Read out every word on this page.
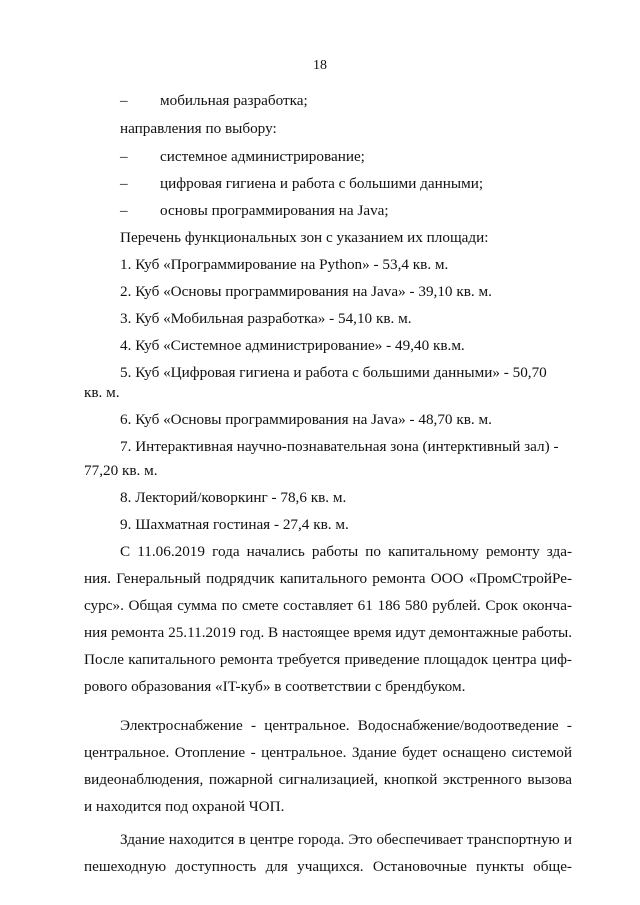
18
– мобильная разработка;
направления по выбору:
– системное администрирование;
– цифровая гигиена и работа с большими данными;
– основы программирования на Java;
Перечень функциональных зон с указанием их площади:
1. Куб «Программирование на Python» - 53,4 кв. м.
2. Куб «Основы программирования на Java» - 39,10 кв. м.
3. Куб «Мобильная разработка» - 54,10 кв. м.
4. Куб «Системное администрирование» - 49,40 кв.м.
5. Куб «Цифровая гигиена и работа с большими данными» - 50,70
кв. м.
6. Куб «Основы программирования на Java» - 48,70 кв. м.
7. Интерактивная научно-познавательная зона (интерктивный зал) -
77,20 кв. м.
8. Лекторий/коворкинг - 78,6 кв. м.
9. Шахматная гостиная - 27,4 кв. м.
С 11.06.2019 года начались работы по капитальному ремонту зда-
ния. Генеральный подрядчик капитального ремонта ООО «ПромСтройРе-
сурс». Общая сумма по смете составляет 61 186 580 рублей. Срок оконча-
ния ремонта 25.11.2019 год. В настоящее время идут демонтажные работы.
После капитального ремонта требуется приведение площадок центра циф-
рового образования «IT-куб» в соответствии с брендбуком.
Электроснабжение - центральное. Водоснабжение/водоотведение -
центральное. Отопление - центральное. Здание будет оснащено системой
видеонаблюдения, пожарной сигнализацией, кнопкой экстренного вызова
и находится под охраной ЧОП.
Здание находится в центре города. Это обеспечивает транспортную и
пешеходную доступность для учащихся. Остановочные пункты обще-
